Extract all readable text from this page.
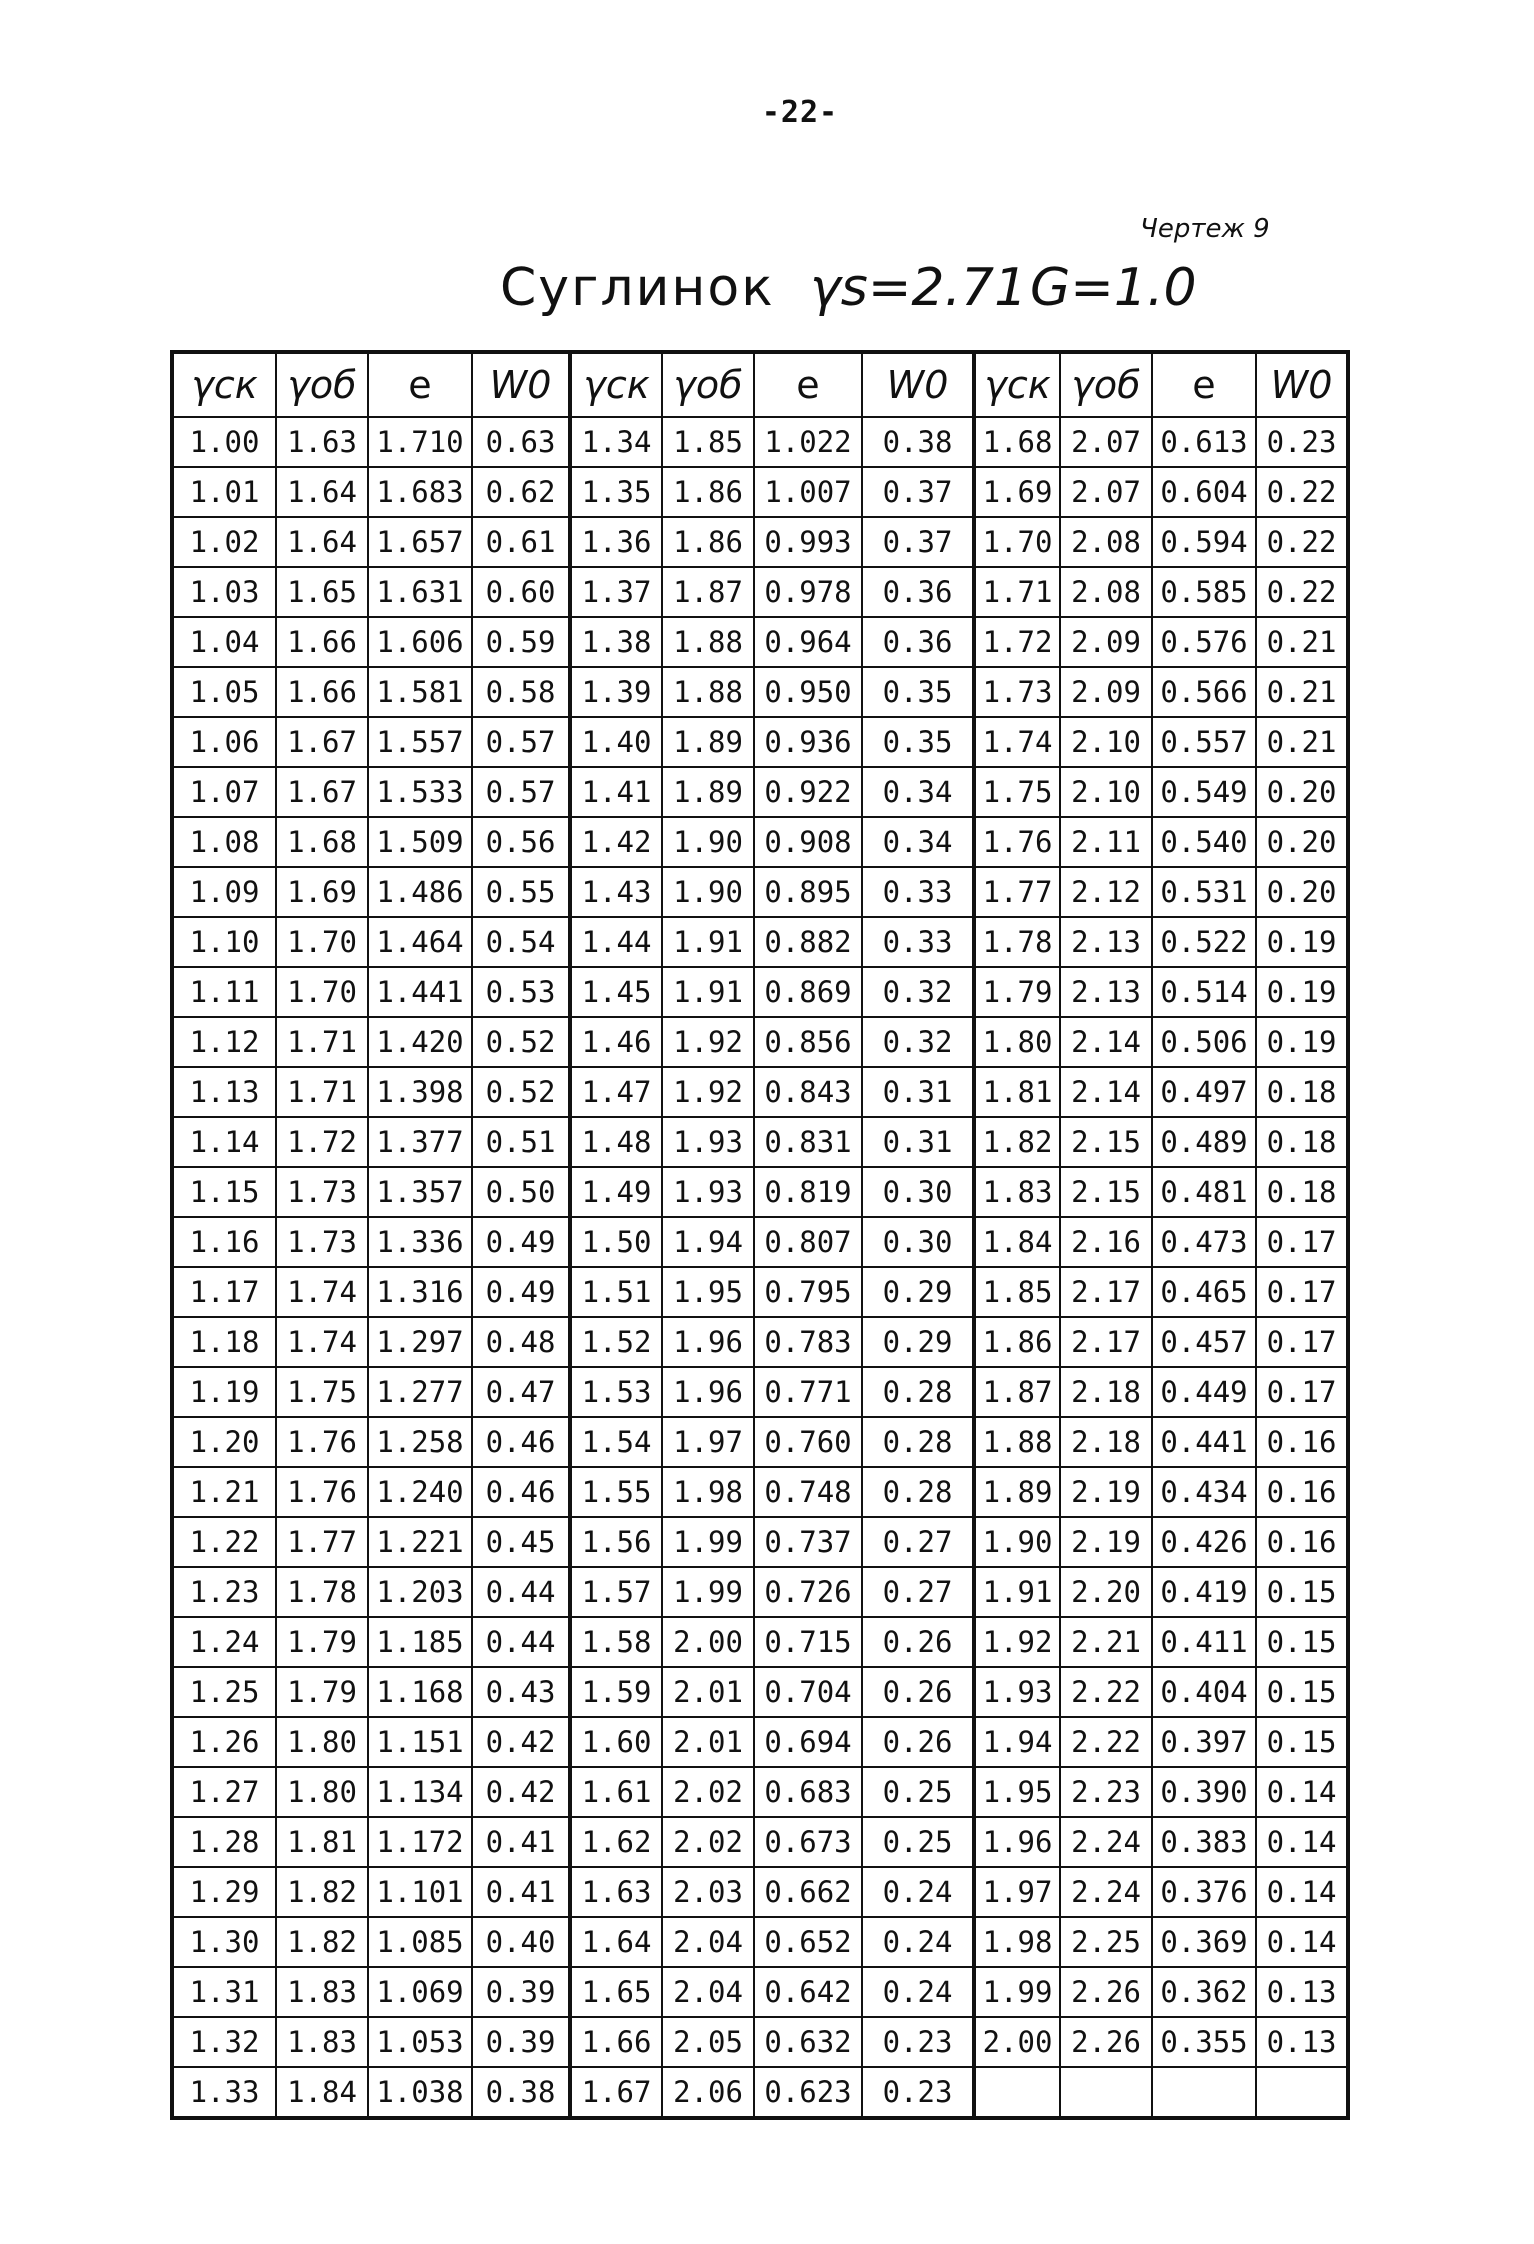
-22-
Чертеж 9
Суглинок γs=2.71 G=1.0
γск	γоб	e	W0	γск	γоб	e	W0	γск	γоб	e	W0
1.00	1.63	1.710	0.63	1.34	1.85	1.022	0.38	1.68	2.07	0.613	0.23
1.01	1.64	1.683	0.62	1.35	1.86	1.007	0.37	1.69	2.07	0.604	0.22
1.02	1.64	1.657	0.61	1.36	1.86	0.993	0.37	1.70	2.08	0.594	0.22
1.03	1.65	1.631	0.60	1.37	1.87	0.978	0.36	1.71	2.08	0.585	0.22
1.04	1.66	1.606	0.59	1.38	1.88	0.964	0.36	1.72	2.09	0.576	0.21
1.05	1.66	1.581	0.58	1.39	1.88	0.950	0.35	1.73	2.09	0.566	0.21
1.06	1.67	1.557	0.57	1.40	1.89	0.936	0.35	1.74	2.10	0.557	0.21
1.07	1.67	1.533	0.57	1.41	1.89	0.922	0.34	1.75	2.10	0.549	0.20
1.08	1.68	1.509	0.56	1.42	1.90	0.908	0.34	1.76	2.11	0.540	0.20
1.09	1.69	1.486	0.55	1.43	1.90	0.895	0.33	1.77	2.12	0.531	0.20
1.10	1.70	1.464	0.54	1.44	1.91	0.882	0.33	1.78	2.13	0.522	0.19
1.11	1.70	1.441	0.53	1.45	1.91	0.869	0.32	1.79	2.13	0.514	0.19
1.12	1.71	1.420	0.52	1.46	1.92	0.856	0.32	1.80	2.14	0.506	0.19
1.13	1.71	1.398	0.52	1.47	1.92	0.843	0.31	1.81	2.14	0.497	0.18
1.14	1.72	1.377	0.51	1.48	1.93	0.831	0.31	1.82	2.15	0.489	0.18
1.15	1.73	1.357	0.50	1.49	1.93	0.819	0.30	1.83	2.15	0.481	0.18
1.16	1.73	1.336	0.49	1.50	1.94	0.807	0.30	1.84	2.16	0.473	0.17
1.17	1.74	1.316	0.49	1.51	1.95	0.795	0.29	1.85	2.17	0.465	0.17
1.18	1.74	1.297	0.48	1.52	1.96	0.783	0.29	1.86	2.17	0.457	0.17
1.19	1.75	1.277	0.47	1.53	1.96	0.771	0.28	1.87	2.18	0.449	0.17
1.20	1.76	1.258	0.46	1.54	1.97	0.760	0.28	1.88	2.18	0.441	0.16
1.21	1.76	1.240	0.46	1.55	1.98	0.748	0.28	1.89	2.19	0.434	0.16
1.22	1.77	1.221	0.45	1.56	1.99	0.737	0.27	1.90	2.19	0.426	0.16
1.23	1.78	1.203	0.44	1.57	1.99	0.726	0.27	1.91	2.20	0.419	0.15
1.24	1.79	1.185	0.44	1.58	2.00	0.715	0.26	1.92	2.21	0.411	0.15
1.25	1.79	1.168	0.43	1.59	2.01	0.704	0.26	1.93	2.22	0.404	0.15
1.26	1.80	1.151	0.42	1.60	2.01	0.694	0.26	1.94	2.22	0.397	0.15
1.27	1.80	1.134	0.42	1.61	2.02	0.683	0.25	1.95	2.23	0.390	0.14
1.28	1.81	1.172	0.41	1.62	2.02	0.673	0.25	1.96	2.24	0.383	0.14
1.29	1.82	1.101	0.41	1.63	2.03	0.662	0.24	1.97	2.24	0.376	0.14
1.30	1.82	1.085	0.40	1.64	2.04	0.652	0.24	1.98	2.25	0.369	0.14
1.31	1.83	1.069	0.39	1.65	2.04	0.642	0.24	1.99	2.26	0.362	0.13
1.32	1.83	1.053	0.39	1.66	2.05	0.632	0.23	2.00	2.26	0.355	0.13
1.33	1.84	1.038	0.38	1.67	2.06	0.623	0.23				
